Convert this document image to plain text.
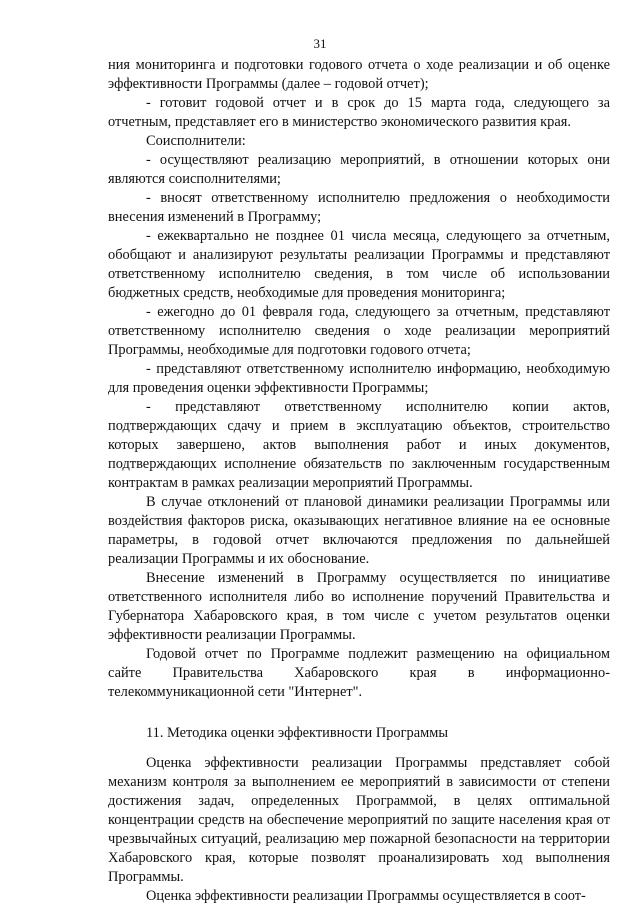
31

ния мониторинга и подготовки годового отчета о ходе реализации и об оценке эффективности Программы (далее – годовой отчет);

- готовит годовой отчет и в срок до 15 марта года, следующего за отчетным, представляет его в министерство экономического развития края.

Соисполнители:

- осуществляют реализацию мероприятий, в отношении которых они являются соисполнителями;

- вносят ответственному исполнителю предложения о необходимости внесения изменений в Программу;

- ежеквартально не позднее 01 числа месяца, следующего за отчетным, обобщают и анализируют результаты реализации Программы и представляют ответственному исполнителю сведения, в том числе об использовании бюджетных средств, необходимые для проведения мониторинга;

- ежегодно до 01 февраля года, следующего за отчетным, представляют ответственному исполнителю сведения о ходе реализации мероприятий Программы, необходимые для подготовки годового отчета;

- представляют ответственному исполнителю информацию, необходимую для проведения оценки эффективности Программы;

- представляют ответственному исполнителю копии актов, подтверждающих сдачу и прием в эксплуатацию объектов, строительство которых завершено, актов выполнения работ и иных документов, подтверждающих исполнение обязательств по заключенным государственным контрактам в рамках реализации мероприятий Программы.

В случае отклонений от плановой динамики реализации Программы или воздействия факторов риска, оказывающих негативное влияние на ее основные параметры, в годовой отчет включаются предложения по дальнейшей реализации Программы и их обоснование.

Внесение изменений в Программу осуществляется по инициативе ответственного исполнителя либо во исполнение поручений Правительства и Губернатора Хабаровского края, в том числе с учетом результатов оценки эффективности реализации Программы.

Годовой отчет по Программе подлежит размещению на официальном сайте Правительства Хабаровского края в информационно-телекоммуникационной сети "Интернет".

11. Методика оценки эффективности Программы

Оценка эффективности реализации Программы представляет собой механизм контроля за выполнением ее мероприятий в зависимости от степени достижения задач, определенных Программой, в целях оптимальной концентрации средств на обеспечение мероприятий по защите населения края от чрезвычайных ситуаций, реализацию мер пожарной безопасности на территории Хабаровского края, которые позволят проанализировать ход выполнения Программы.

Оценка эффективности реализации Программы осуществляется в соот-
